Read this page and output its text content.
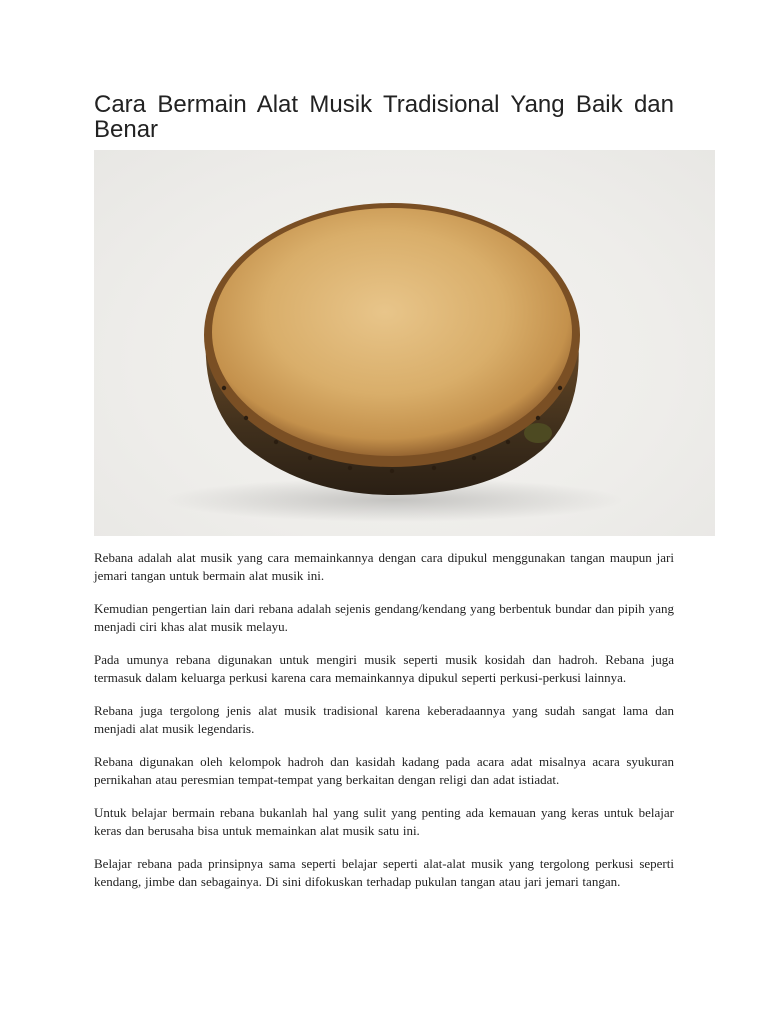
Cara Bermain Alat Musik Tradisional Yang Baik dan Benar

Rebana adalah alat musik yang cara memainkannya dengan cara dipukul menggunakan tangan maupun jari jemari tangan untuk bermain alat musik ini.

Kemudian pengertian lain dari rebana adalah sejenis gendang/kendang yang berbentuk bundar dan pipih yang menjadi ciri khas alat musik melayu.

Pada umunya rebana digunakan untuk mengiri musik seperti musik kosidah dan hadroh. Rebana juga termasuk dalam keluarga perkusi karena cara memainkannya dipukul seperti perkusi-perkusi lainnya.

Rebana juga tergolong jenis alat musik tradisional karena keberadaannya yang sudah sangat lama dan menjadi alat musik legendaris.

Rebana digunakan oleh kelompok hadroh dan kasidah kadang pada acara adat misalnya acara syukuran pernikahan atau peresmian tempat-tempat yang berkaitan dengan religi dan adat istiadat.

Untuk belajar bermain rebana bukanlah hal yang sulit yang penting ada kemauan yang keras untuk belajar keras dan berusaha bisa untuk memainkan alat musik satu ini.

Belajar rebana pada prinsipnya sama seperti belajar seperti alat-alat musik yang tergolong perkusi seperti kendang, jimbe dan sebagainya. Di sini difokuskan terhadap pukulan tangan atau jari jemari tangan.
